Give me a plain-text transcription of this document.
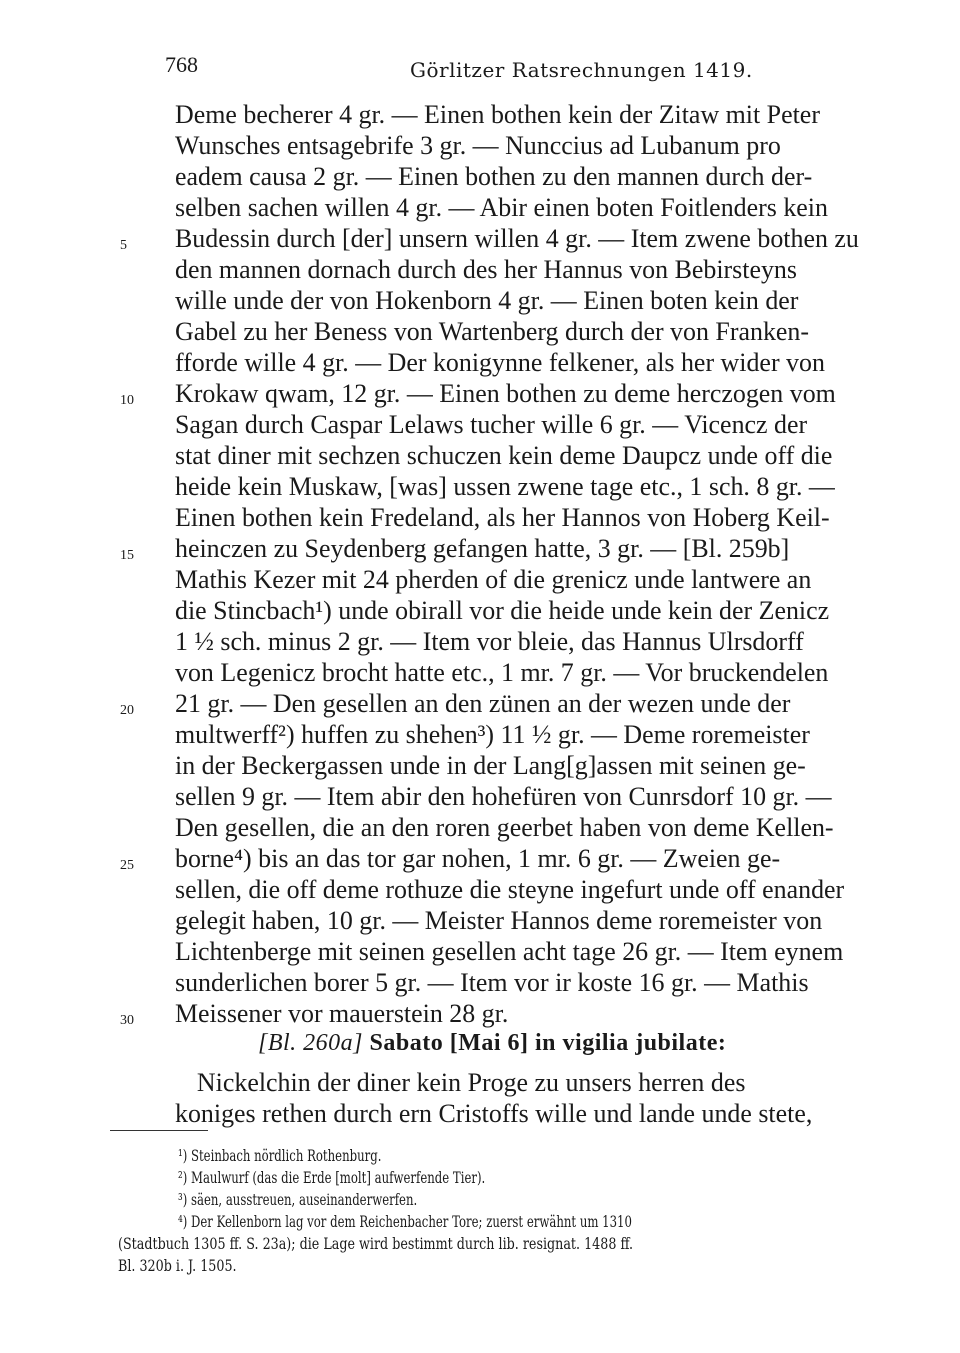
768	Görlitzer Ratsrechnungen 1419.
Deme becherer 4 gr. — Einen bothen kein der Zitaw mit Peter
Wunsches entsagebrife 3 gr. — Nunccius ad Lubanum pro
eadem causa 2 gr. — Einen bothen zu den mannen durch der-
selben sachen willen 4 gr. — Abir einen boten Foitlenders kein
5	Budessin durch [der] unsern willen 4 gr. — Item zwene bothen zu
den mannen dornach durch des her Hannus von Bebirsteyns
wille unde der von Hokenborn 4 gr. — Einen boten kein der
Gabel zu her Beness von Wartenberg durch der von Franken-
fforde wille 4 gr. — Der konigynne felkener, als her wider von
10	Krokaw qwam, 12 gr. — Einen bothen zu deme herczogen vom
Sagan durch Caspar Lelaws tucher wille 6 gr. — Vicencz der
stat diner mit sechzen schuczen kein deme Daupcz unde off die
heide kein Muskaw, [was] ussen zwene tage etc., 1 sch. 8 gr. —
Einen bothen kein Fredeland, als her Hannos von Hoberg Keil-
15	heinczen zu Seydenberg gefangen hatte, 3 gr. — [Bl. 259b]
Mathis Kezer mit 24 pherden of die grenicz unde lantwere an
die Stincbach¹) unde obirall vor die heide unde kein der Zenicz
1 ½ sch. minus 2 gr. — Item vor bleie, das Hannus Ulrsdorff
von Legenicz brocht hatte etc., 1 mr. 7 gr. — Vor bruckendelen
20	21 gr. — Den gesellen an den zünen an der wezen unde der
multwerff²) huffen zu shehen³) 11 ½ gr. — Deme roremeister
in der Beckergassen unde in der Lang[g]assen mit seinen ge-
sellen 9 gr. — Item abir den hohefüren von Cunrsdorf 10 gr. —
Den gesellen, die an den roren geerbet haben von deme Kellen-
25	borne⁴) bis an das tor gar nohen, 1 mr. 6 gr. — Zweien ge-
sellen, die off deme rothuze die steyne ingefurt unde off enander
gelegit haben, 10 gr. — Meister Hannos deme roremeister von
Lichtenberge mit seinen gesellen acht tage 26 gr. — Item eynem
sunderlichen borer 5 gr. — Item vor ir koste 16 gr. — Mathis
30	Meissener vor mauerstein 28 gr.
[Bl. 260a] Sabato [Mai 6] in vigilia jubilate:
Nickelchin der diner kein Proge zu unsers herren des
koniges rethen durch ern Cristoffs wille und lande unde stete,
¹) Steinbach nördlich Rothenburg.
²) Maulwurf (das die Erde [molt] aufwerfende Tier).
³) säen, ausstreuen, auseinanderwerfen.
⁴) Der Kellenborn lag vor dem Reichenbacher Tore; zuerst erwähnt um 1310
(Stadtbuch 1305 ff. S. 23a); die Lage wird bestimmt durch lib. resignat. 1488 ff.
Bl. 320b i. J. 1505.
